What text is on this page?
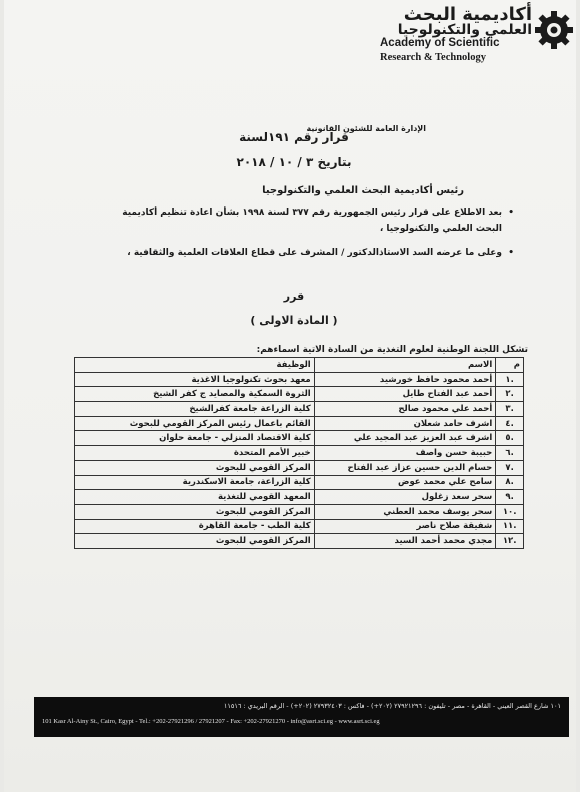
أكاديمية البحث
العلمي والتكنولوجيا
Academy of Scientific
Research & Technology
الإدارة العامة للشئون القانونية
قرار رقم ١٩١لسنة
بتاريخ ٣ / ١٠ / ٢٠١٨
رئيس أكاديمية البحث العلمي والتكنولوجيا
•
بعد الاطلاع على قرار رئيس الجمهورية رقم ٣٧٧ لسنة ١٩٩٨ بشأن اعادة تنظيم أكاديمية البحث العلمي والتكنولوجيا ،
•
وعلى ما عرضه السد الاستاذالدكتور / المشرف على قطاع العلاقات العلمية والثقافية ،
قرر
( المادة الاولى )
تشكل اللجنة الوطنية لعلوم التغذية من السادة الاتية اسماءهم:
م	الاسم	الوظيفة
.١	أحمد محمود حافظ خورشيد	معهد بحوث تكنولوجيا الاغذية
.٢	أحمد عبد الفتاح طايل	الثروة السمكية والمصايد ج كفر الشيخ
.٣	أحمد علي محمود صالح	كلية الزراعة جامعة كفرالشيخ
.٤	اشرف حامد شعلان	القائم باعمال رئيس المركز القومي للبحوث
.٥	اشرف عبد العزيز عبد المجيد علي	كلية الاقتصاد المنزلي - جامعة حلوان
.٦	حبيبة حسن واصف	خبير الأمم المتحدة
.٧	حسام الدين حسين عزاز عبد الفتاح	المركز القومي للبحوث
.٨	سامح علي محمد عوض	كلية الزراعة، جامعة الاسكندرية
.٩	سحر سعد زغلول	المعهد القومي للتغذية
.١٠	سحر يوسف محمد العطني	المركز القومي للبحوث
.١١	شفيقة صلاح ناصر	كلية الطب - جامعة القاهرة
.١٢	مجدي محمد أحمد السيد	المركز القومي للبحوث
١٠١ شارع القصر العيني - القاهرة - مصر - تليفون : ٢٧٩٢١٢٩٦ (٢٠٢+) - فاكس : ٢٧٩٣٢٤٠٣ (٢٠٢+) - الرقم البريدي : ١١٥١٦
101 Kasr Al-Ainy St., Cairo, Egypt - Tel.: +202-27921296 / 27921207 - Fax: +202-27921270 - info@asrt.sci.eg - www.asrt.sci.eg
